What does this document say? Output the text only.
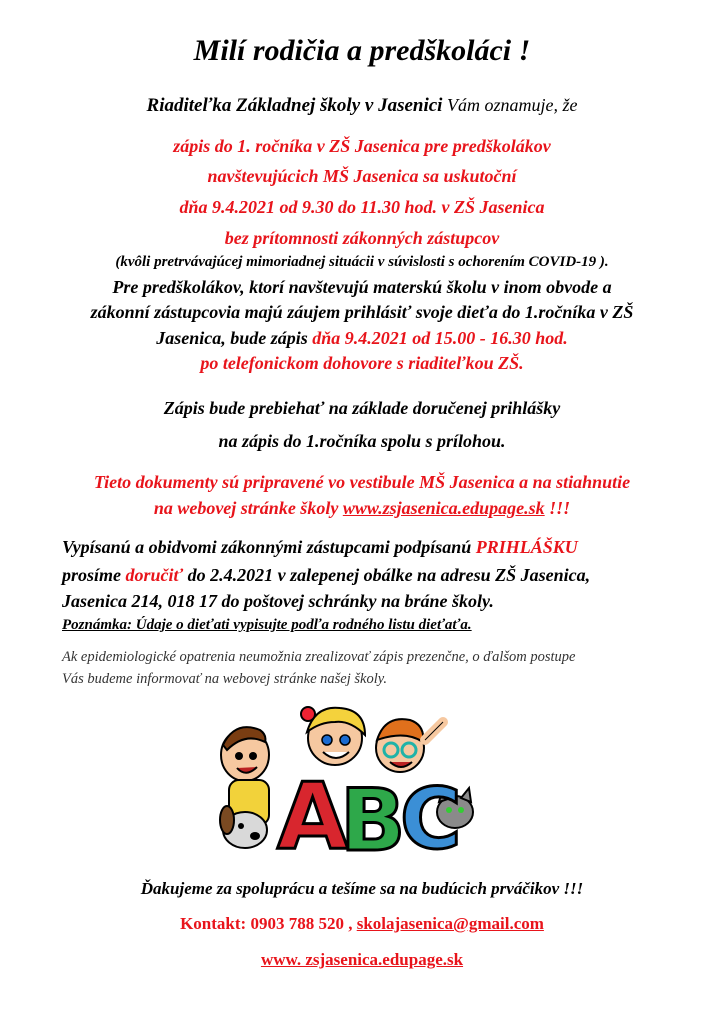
Milí rodičia a predškoláci !
Riaditeľka Základnej školy v Jasenici Vám oznamuje, že
zápis do 1. ročníka v ZŠ Jasenica pre predškolákov
navštevujúcich MŠ Jasenica sa uskutoční
dňa 9.4.2021 od 9.30 do 11.30 hod. v ZŠ Jasenica
bez prítomnosti zákonných zástupcov
(kvôli pretrvávajúcej mimoriadnej situácii v súvislosti s ochorením COVID-19 ).
Pre predškolákov, ktorí navštevujú materskú školu v inom obvode a
zákonní zástupcovia majú záujem prihlásiť svoje dieťa do 1.ročníka v ZŠ
Jasenica, bude zápis dňa 9.4.2021 od 15.00 - 16.30 hod.
po telefonickom dohovore s riaditeľkou ZŠ.
Zápis bude prebiehať na základe doručenej prihlášky
na zápis do 1.ročníka spolu s prílohou.
Tieto dokumenty sú pripravené vo vestibule MŠ Jasenica a na stiahnutie
na webovej stránke školy www.zsjasenica.edupage.sk !!!
Vypísanú a obidvomi zákonnými zástupcami podpísanú PRIHLÁŠKU
prosíme doručiť do 2.4.2021 v zalepenej obálke na adresu ZŠ Jasenica,
Jasenica 214, 018 17 do poštovej schránky na bráne školy.
Poznámka: Údaje o dieťati vypisujte podľa rodného listu dieťaťa.
Ak epidemiologické opatrenia neumožnia zrealizovať zápis prezenčne, o ďalšom postupe
Vás budeme informovať na webovej stránke našej školy.
A
B
C
Ďakujeme za spoluprácu a tešíme sa na budúcich prváčikov !!!
Kontakt: 0903 788 520 , skolajasenica@gmail.com
www. zsjasenica.edupage.sk
